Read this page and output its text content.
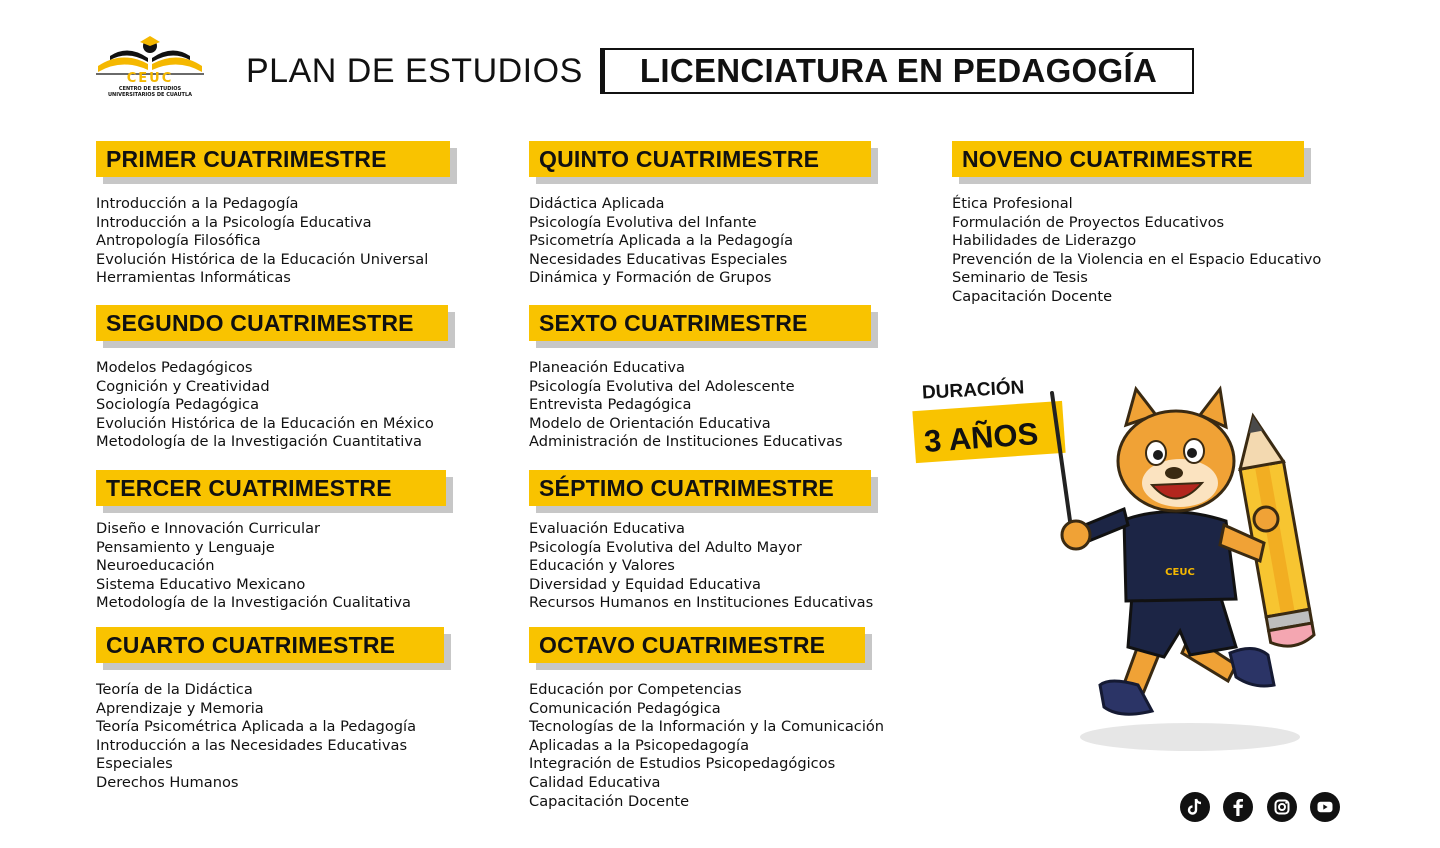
CEUC
CENTRO DE ESTUDIOS
UNIVERSITARIOS DE CUAUTLA
PLAN DE ESTUDIOS	LICENCIATURA EN PEDAGOGÍA
PRIMER CUATRIMESTRE
Introducción a la Pedagogía
Introducción a la Psicología Educativa
Antropología Filosófica
Evolución Histórica de la Educación Universal
Herramientas Informáticas
SEGUNDO CUATRIMESTRE
Modelos Pedagógicos
Cognición y Creatividad
Sociología Pedagógica
Evolución Histórica de la Educación en México
Metodología de la Investigación Cuantitativa
TERCER CUATRIMESTRE
Diseño e Innovación Curricular
Pensamiento y Lenguaje
Neuroeducación
Sistema Educativo Mexicano
Metodología de la Investigación Cualitativa
CUARTO CUATRIMESTRE
Teoría de la Didáctica
Aprendizaje y Memoria
Teoría Psicométrica Aplicada a la Pedagogía
Introducción a las Necesidades Educativas
Especiales
Derechos Humanos
QUINTO CUATRIMESTRE
Didáctica Aplicada
Psicología Evolutiva del Infante
Psicometría Aplicada a la Pedagogía
Necesidades Educativas Especiales
Dinámica y Formación de Grupos
SEXTO CUATRIMESTRE
Planeación Educativa
Psicología Evolutiva del Adolescente
Entrevista Pedagógica
Modelo de Orientación Educativa
Administración de Instituciones Educativas
SÉPTIMO CUATRIMESTRE
Evaluación Educativa
Psicología Evolutiva del Adulto Mayor
Educación y Valores
Diversidad y Equidad Educativa
Recursos Humanos en Instituciones Educativas
OCTAVO CUATRIMESTRE
Educación por Competencias
Comunicación Pedagógica
Tecnologías de la Información y la Comunicación
Aplicadas a la Psicopedagogía
Integración de Estudios Psicopedagógicos
Calidad Educativa
Capacitación Docente
NOVENO CUATRIMESTRE
Ética Profesional
Formulación de Proyectos Educativos
Habilidades de Liderazgo
Prevención de la Violencia en el Espacio Educativo
Seminario de Tesis
Capacitación Docente
DURACIÓN
3 AÑOS
CEUC
